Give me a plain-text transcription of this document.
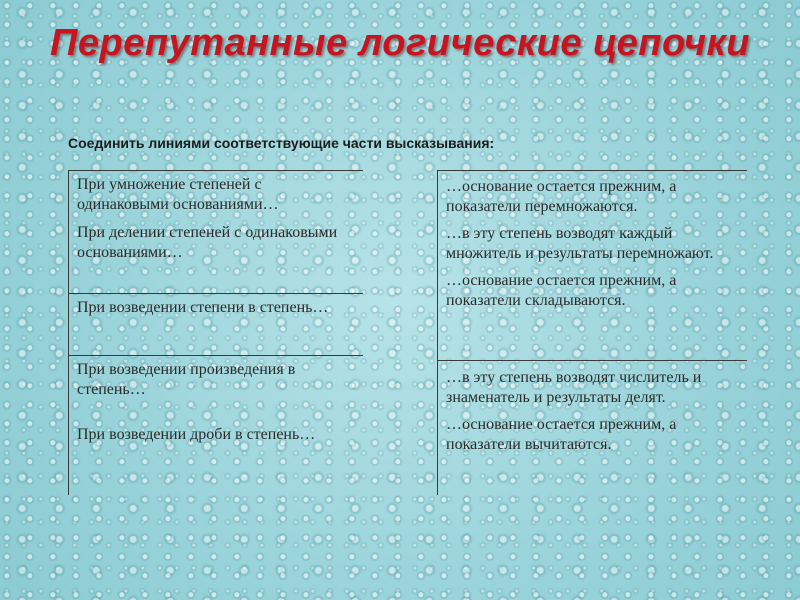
Перепутанные логические цепочки
Соединить линиями соответствующие части высказывания:

При умножение степеней с одинаковыми основаниями…

При делении степеней с одинаковыми основаниями…

При возведении степени в степень…

При возведении произведения в степень…

При возведении дроби в степень…

…основание остается прежним, а показатели перемножаются.

…в эту степень возводят каждый множитель и результаты перемножают.

…основание остается прежним, а показатели складываются.

…в эту степень возводят числитель и знаменатель и результаты делят.

…основание остается прежним, а показатели вычитаются.
